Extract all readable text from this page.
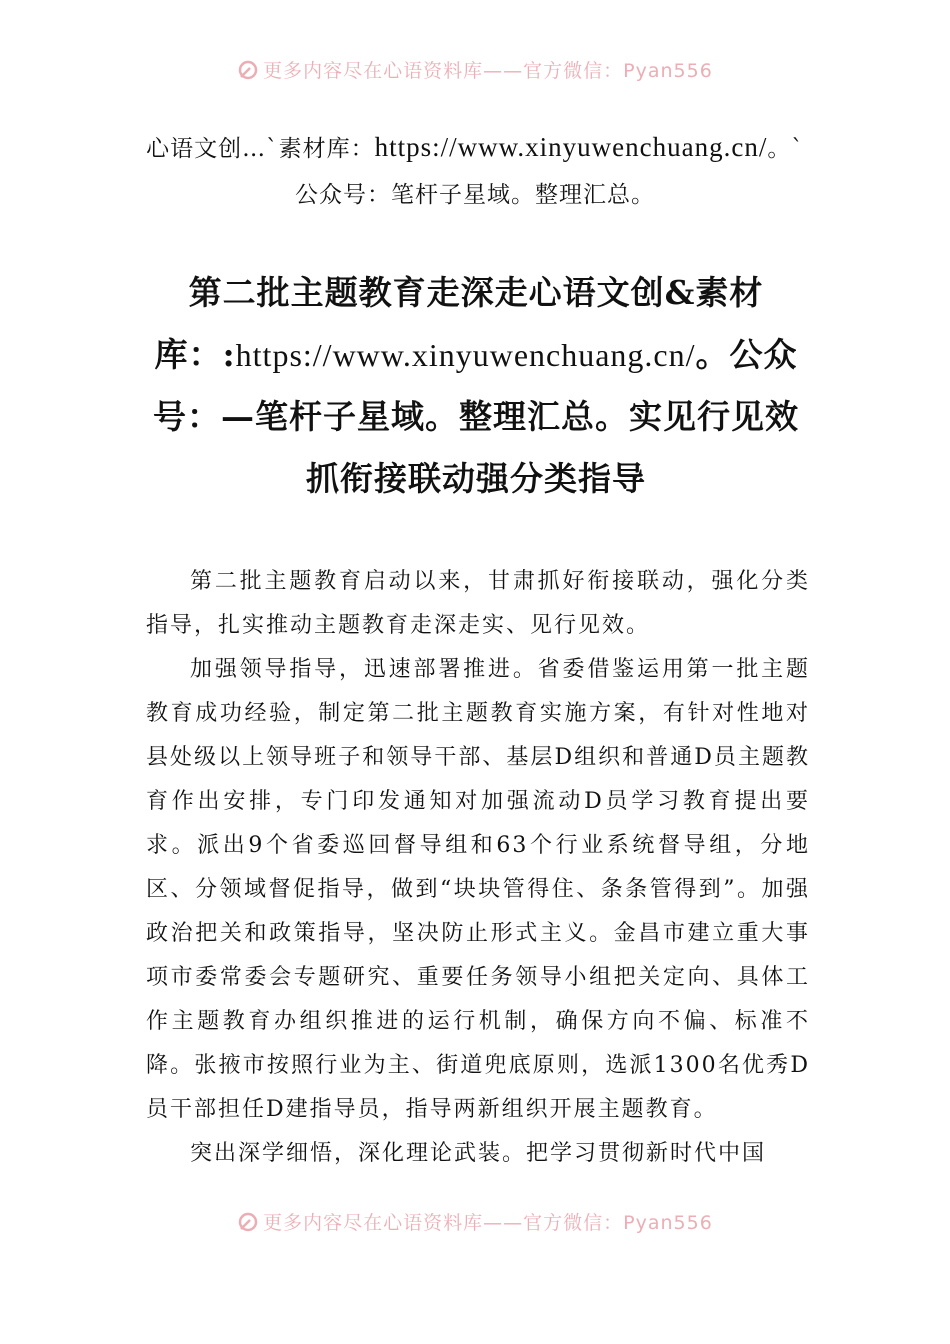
更多内容尽在心语资料库——官方微信：Pyan556
心语文创…`素材库：https://www.xinyuwenchuang.cn/。`公众号：笔杆子星域。整理汇总。
第二批主题教育走深走心语文创&素材库：:https://www.xinyuwenchuang.cn/。公众号：—笔杆子星域。整理汇总。实见行见效抓衔接联动强分类指导

第二批主题教育启动以来，甘肃抓好衔接联动，强化分类指导，扎实推动主题教育走深走实、见行见效。

加强领导指导，迅速部署推进。省委借鉴运用第一批主题教育成功经验，制定第二批主题教育实施方案，有针对性地对县处级以上领导班子和领导干部、基层D组织和普通D员主题教育作出安排，专门印发通知对加强流动D员学习教育提出要求。派出9个省委巡回督导组和63个行业系统督导组，分地区、分领域督促指导，做到“块块管得住、条条管得到”。加强政治把关和政策指导，坚决防止形式主义。金昌市建立重大事项市委常委会专题研究、重要任务领导小组把关定向、具体工作主题教育办组织推进的运行机制，确保方向不偏、标准不降。张掖市按照行业为主、街道兜底原则，选派1300名优秀D员干部担任D建指导员，指导两新组织开展主题教育。

突出深学细悟，深化理论武装。把学习贯彻新时代中国

更多内容尽在心语资料库——官方微信：Pyan556
